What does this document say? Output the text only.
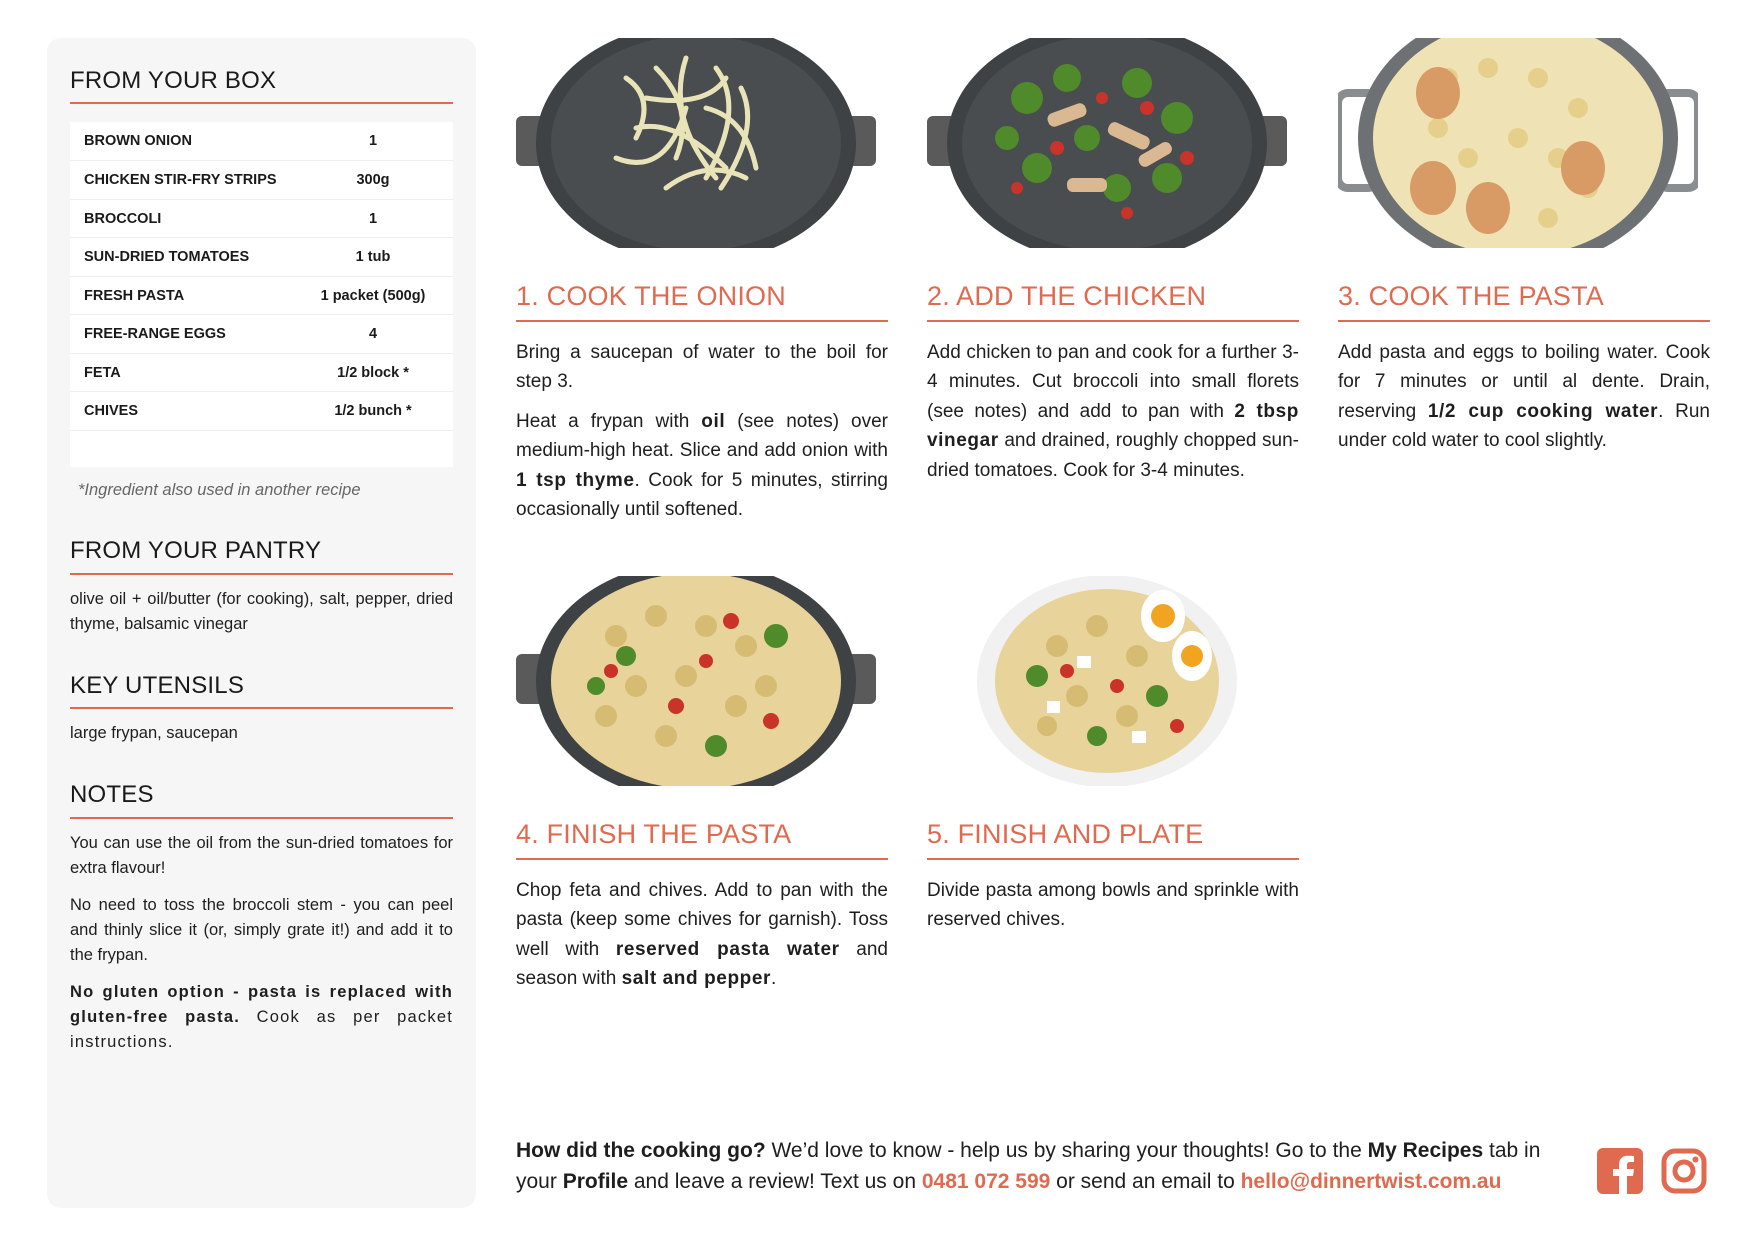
FROM YOUR BOX
BROWN ONION	1
CHICKEN STIR-FRY STRIPS	300g
BROCCOLI	1
SUN-DRIED TOMATOES	1 tub
FRESH PASTA	1 packet (500g)
FREE-RANGE EGGS	4
FETA	1/2 block *
CHIVES	1/2 bunch *

*Ingredient also used in another recipe

FROM YOUR PANTRY

olive oil + oil/butter (for cooking), salt, pepper, dried thyme, balsamic vinegar

KEY UTENSILS

large frypan, saucepan

NOTES

You can use the oil from the sun-dried tomatoes for extra flavour!

No need to toss the broccoli stem - you can peel and thinly slice it (or, simply grate it!) and add it to the frypan.

No gluten option - pasta is replaced with gluten-free pasta. Cook as per packet instructions.

1. COOK THE ONION

Bring a saucepan of water to the boil for step 3.

Heat a frypan with oil (see notes) over medium-high heat. Slice and add onion with 1 tsp thyme. Cook for 5 minutes, stirring occasionally until softened.

2. ADD THE CHICKEN

Add chicken to pan and cook for a further 3-4 minutes. Cut broccoli into small florets (see notes) and add to pan with 2 tbsp vinegar and drained, roughly chopped sun-dried tomatoes. Cook for 3-4 minutes.

3. COOK THE PASTA

Add pasta and eggs to boiling water. Cook for 7 minutes or until al dente. Drain, reserving 1/2 cup cooking water. Run under cold water to cool slightly.

4. FINISH THE PASTA

Chop feta and chives. Add to pan with the pasta (keep some chives for garnish). Toss well with reserved pasta water and season with salt and pepper.

5. FINISH AND PLATE

Divide pasta among bowls and sprinkle with reserved chives.

How did the cooking go? We’d love to know - help us by sharing your thoughts! Go to the My Recipes tab in your Profile and leave a review! Text us on 0481 072 599 or send an email to hello@dinnertwist.com.au
